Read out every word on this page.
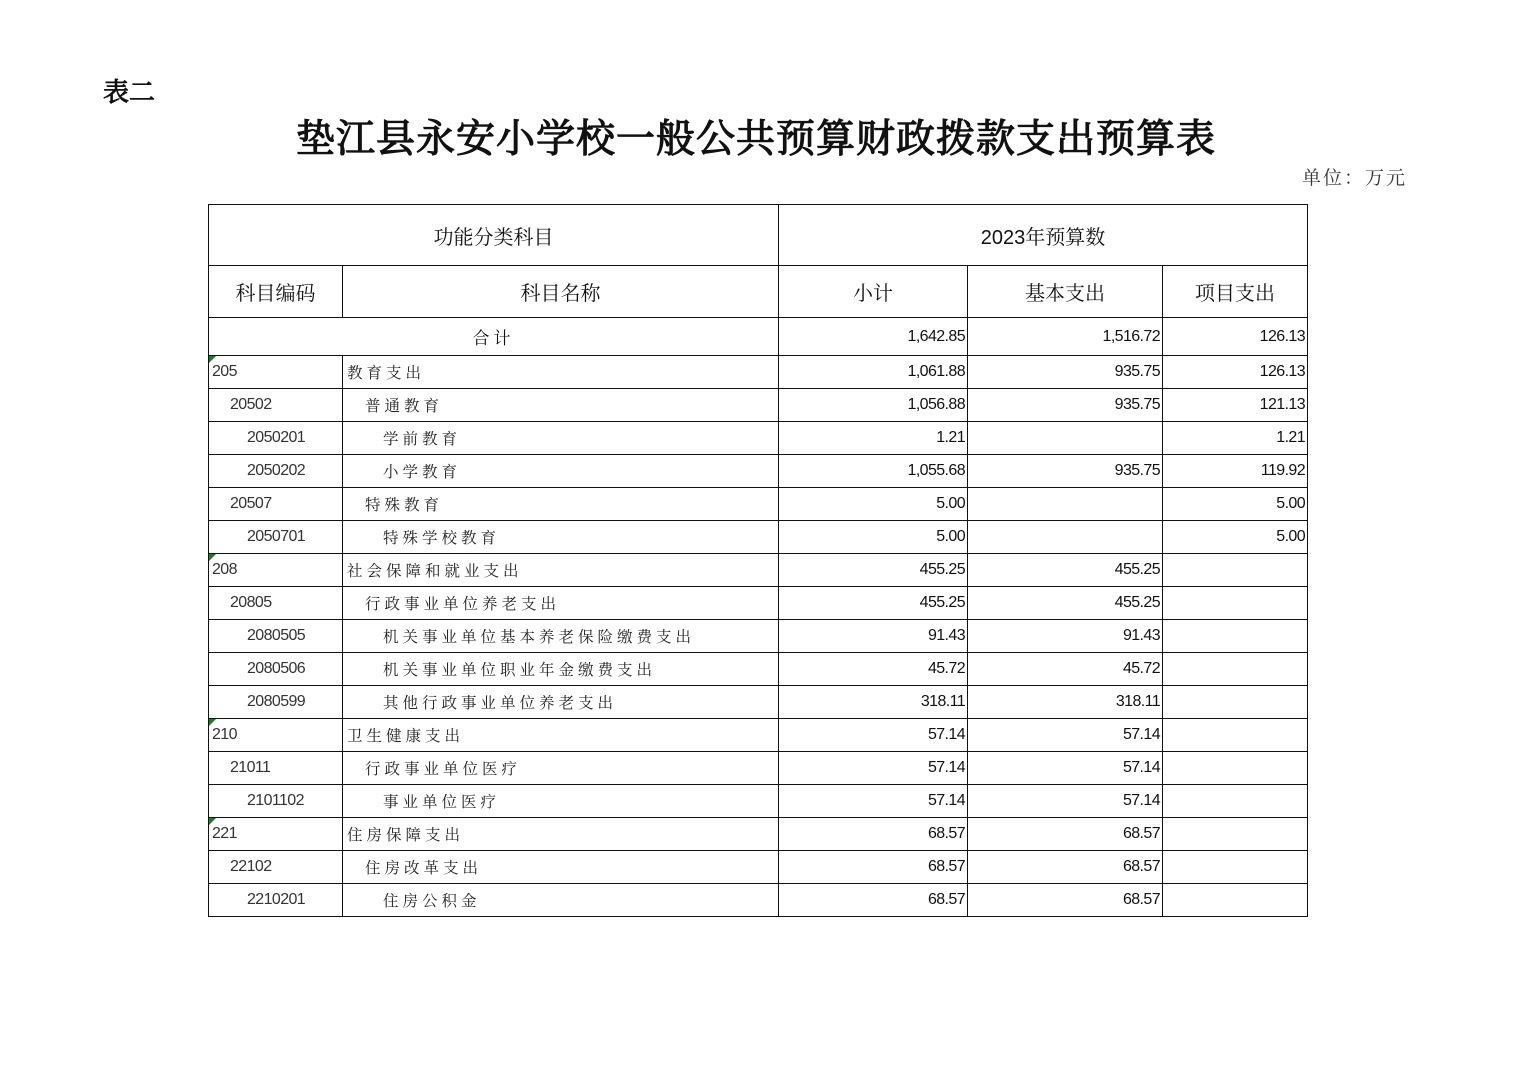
表二
垫江县永安小学校一般公共预算财政拨款支出预算表
单位：万元
功能分类科目		2023年预算数		
科目编码	科目名称	小计	基本支出	项目支出
合计		1,642.85	1,516.72	126.13

205	教育支出	1,061.88	935.75	126.13
20502	普通教育	1,056.88	935.75	121.13
2050201	学前教育	1.21		1.21
2050202	小学教育	1,055.68	935.75	119.92
20507	特殊教育	5.00		5.00
2050701	特殊学校教育	5.00		5.00

208	社会保障和就业支出	455.25	455.25	
20805	行政事业单位养老支出	455.25	455.25	
2080505	机关事业单位基本养老保险缴费支出	91.43	91.43	
2080506	机关事业单位职业年金缴费支出	45.72	45.72	
2080599	其他行政事业单位养老支出	318.11	318.11	

210	卫生健康支出	57.14	57.14	
21011	行政事业单位医疗	57.14	57.14	
2101102	事业单位医疗	57.14	57.14	

221	住房保障支出	68.57	68.57	
22102	住房改革支出	68.57	68.57	
2210201	住房公积金	68.57	68.57	
